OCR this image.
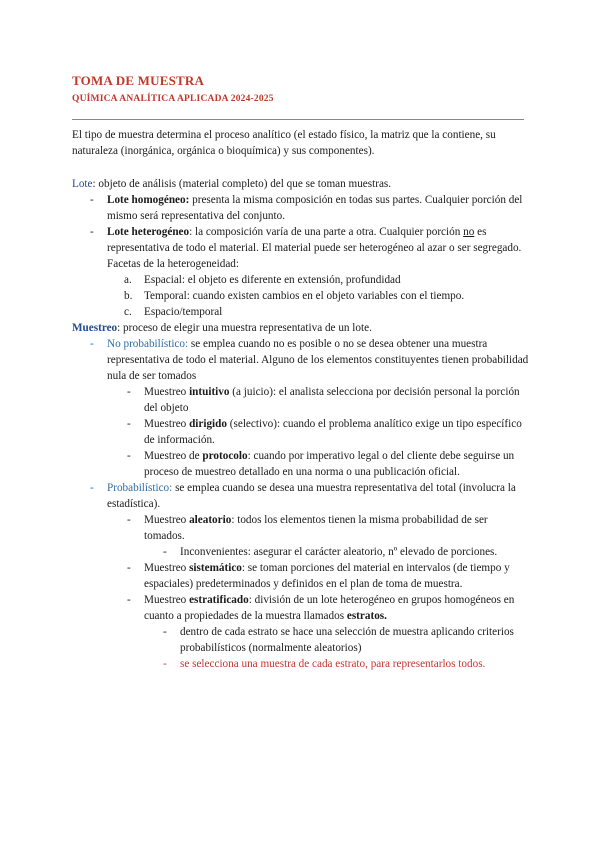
TOMA DE MUESTRA
QUÍMICA ANALÍTICA APLICADA 2024-2025

El tipo de muestra determina el proceso analítico (el estado físico, la matriz que la contiene, su naturaleza (inorgánica, orgánica o bioquímica) y sus componentes).

Lote: objeto de análisis (material completo) del que se toman muestras.

- Lote homogéneo: presenta la misma composición en todas sus partes. Cualquier porción del mismo será representativa del conjunto.
- Lote heterogéneo: la composición varía de una parte a otra. Cualquier porción no es representativa de todo el material. El material puede ser heterogéneo al azar o ser segregado.
Facetas de la heterogeneidad:
a. Espacial: el objeto es diferente en extensión, profundidad
b. Temporal: cuando existen cambios en el objeto variables con el tiempo.
c. Espacio/temporal

Muestreo: proceso de elegir una muestra representativa de un lote.

- No probabilístico: se emplea cuando no es posible o no se desea obtener una muestra representativa de todo el material. Alguno de los elementos constituyentes tienen probabilidad nula de ser tomados
- Muestreo intuitivo (a juicio): el analista selecciona por decisión personal la porción del objeto
- Muestreo dirigido (selectivo): cuando el problema analítico exige un tipo específico de información.
- Muestreo de protocolo: cuando por imperativo legal o del cliente debe seguirse un proceso de muestreo detallado en una norma o una publicación oficial.
- Probabilístico: se emplea cuando se desea una muestra representativa del total (involucra la estadística).
- Muestreo aleatorio: todos los elementos tienen la misma probabilidad de ser tomados.
- Inconvenientes: asegurar el carácter aleatorio, nº elevado de porciones.
- Muestreo sistemático: se toman porciones del material en intervalos (de tiempo y espaciales) predeterminados y definidos en el plan de toma de muestra.
- Muestreo estratificado: división de un lote heterogéneo en grupos homogéneos en cuanto a propiedades de la muestra llamados estratos.
- dentro de cada estrato se hace una selección de muestra aplicando criterios probabilísticos (normalmente aleatorios)
- se selecciona una muestra de cada estrato, para representarlos todos.
